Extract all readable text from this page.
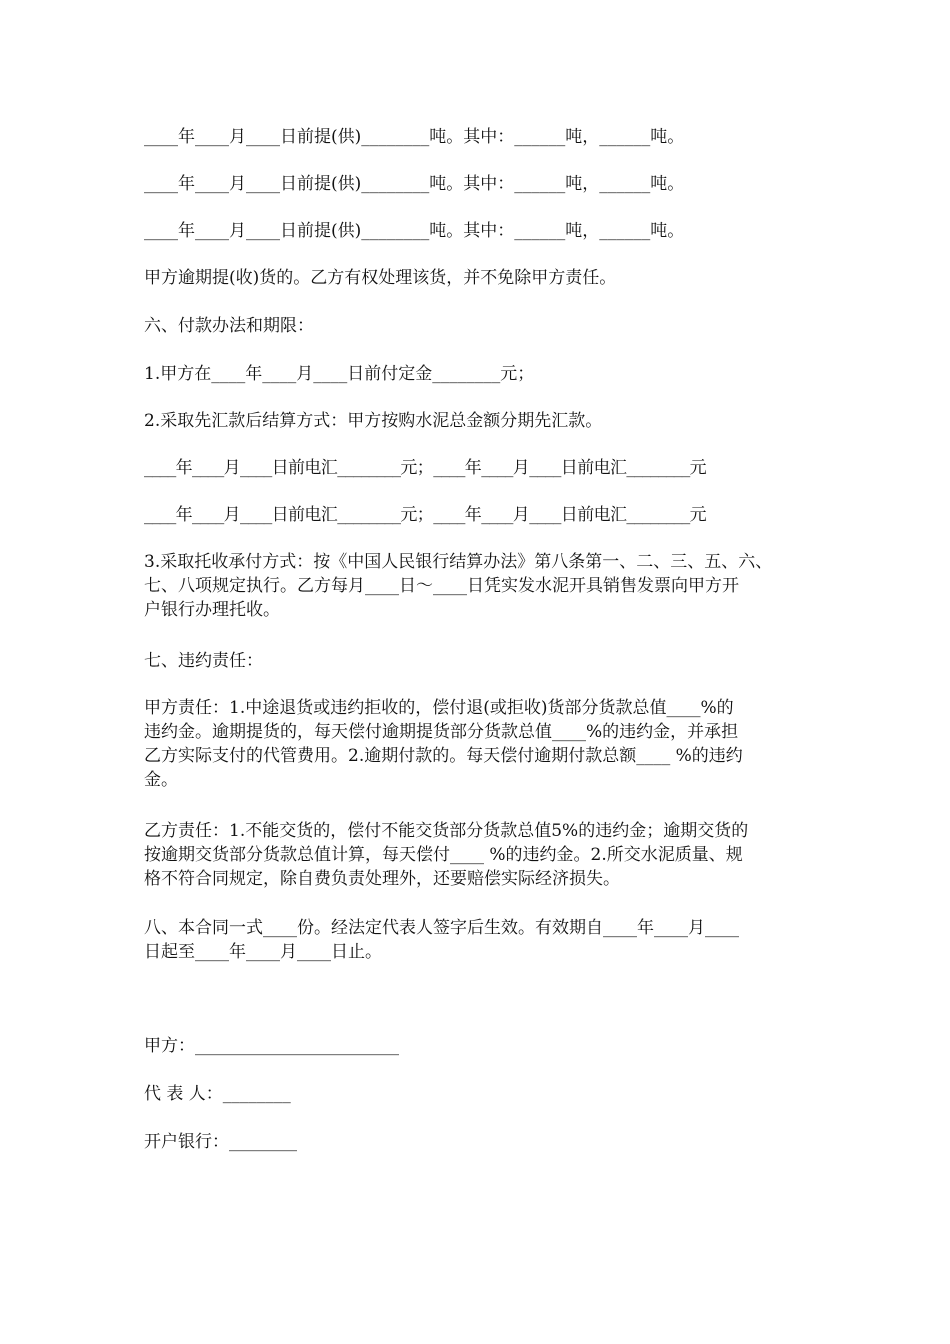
____年____月____日前提(供)________吨。其中：______吨，______吨。
____年____月____日前提(供)________吨。其中：______吨，______吨。
____年____月____日前提(供)________吨。其中：______吨，______吨。
甲方逾期提(收)货的。乙方有权处理该货，并不免除甲方责任。
六、付款办法和期限：
1.甲方在____年____月____日前付定金________元；
2.采取先汇款后结算方式：甲方按购水泥总金额分期先汇款。
____年____月____日前电汇________元；____年____月____日前电汇________元
____年____月____日前电汇________元；____年____月____日前电汇________元
3.采取托收承付方式：按《中国人民银行结算办法》第八条第一、二、三、五、六、
七、八项规定执行。乙方每月____日～____日凭实发水泥开具销售发票向甲方开
户银行办理托收。
七、违约责任：
甲方责任：1.中途退货或违约拒收的，偿付退(或拒收)货部分货款总值____%的
违约金。逾期提货的，每天偿付逾期提货部分货款总值____%的违约金，并承担
乙方实际支付的代管费用。2.逾期付款的。每天偿付逾期付款总额____ %的违约
金。
乙方责任：1.不能交货的，偿付不能交货部分货款总值5%的违约金；逾期交货的
按逾期交货部分货款总值计算，每天偿付____ %的违约金。2.所交水泥质量、规
格不符合同规定，除自费负责处理外，还要赔偿实际经济损失。
八、本合同一式____份。经法定代表人签字后生效。有效期自____年____月____
日起至____年____月____日止。
甲方：________________________
代 表 人：________
开户银行：________
